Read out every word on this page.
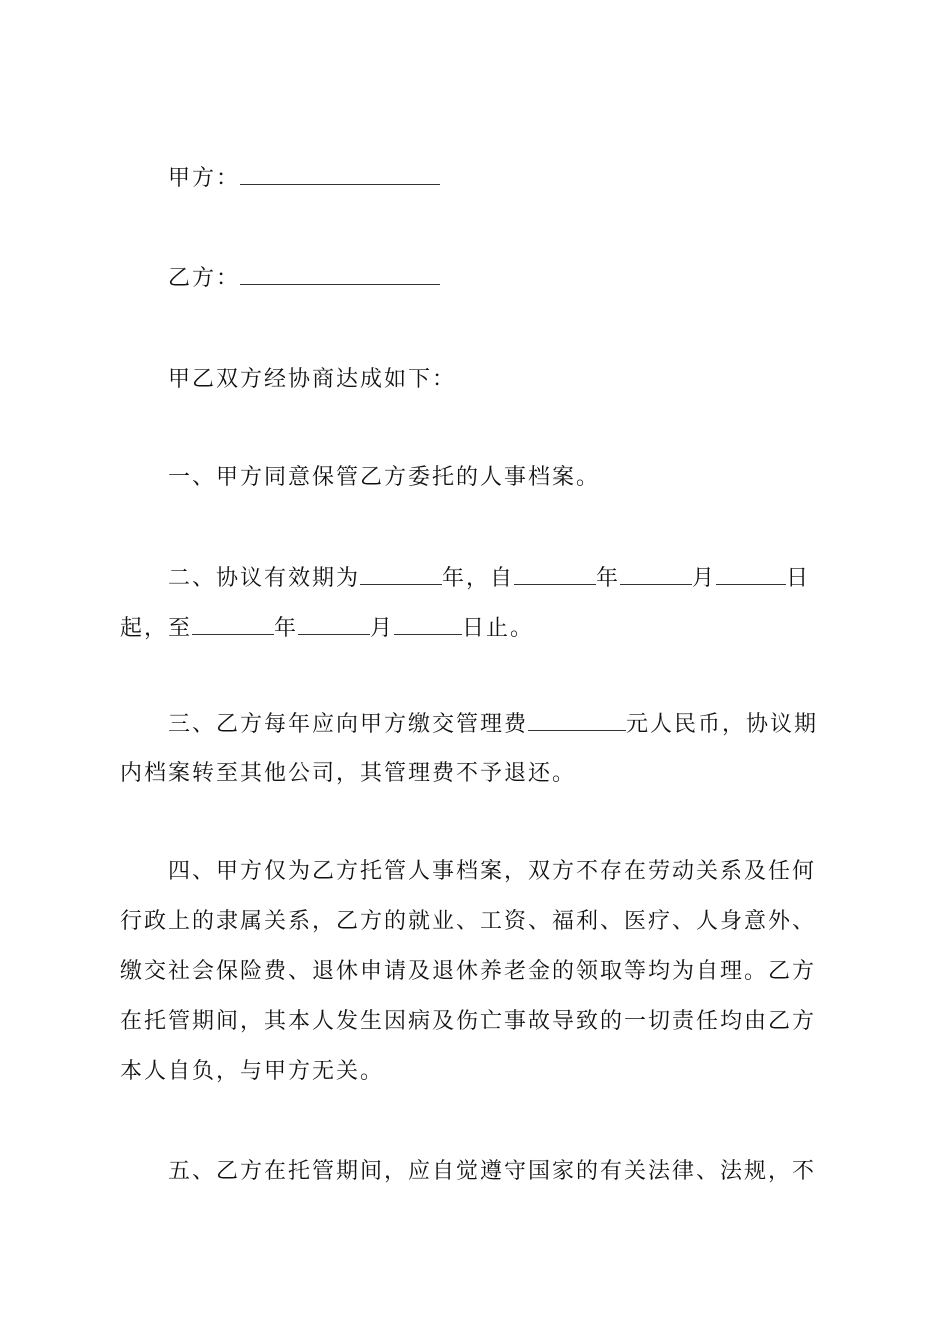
甲方：
乙方：
甲乙双方经协商达成如下：
一、甲方同意保管乙方委托的人事档案。
二、协议有效期为	年，自	年	月	日
起，至	年	月	日止。
三、乙方每年应向甲方缴交管理费	元人民币，协议期
内档案转至其他公司，其管理费不予退还。
四、甲方仅为乙方托管人事档案，双方不存在劳动关系及任何
行政上的隶属关系，乙方的就业、工资、福利、医疗、人身意外、
缴交社会保险费、退休申请及退休养老金的领取等均为自理。乙方
在托管期间，其本人发生因病及伤亡事故导致的一切责任均由乙方
本人自负，与甲方无关。
五、乙方在托管期间，应自觉遵守国家的有关法律、法规，不
